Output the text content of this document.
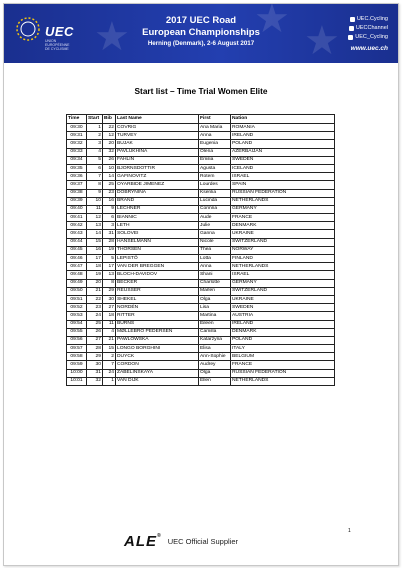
★ ★
★
UEC
UNION EUROPÉENNE DE CYCLISME
2017 UEC Road
European Championships
Herning (Denmark), 2-6 August 2017
UEC.Cycling
UECChannel
UEC_Cycling
www.uec.ch
Start list – Time Trial Women Elite
Time	Start	Bib	Last Name	First	Nation
09:30	1	22	COVRIG	Ana Maria	ROMANIA
09:31	2	12	TURVEY	Anna	IRELAND
09:32	3	20	BUJAK	Eugenia	POLAND
09:33	4	32	PAVLUKHINA	Olena	AZERBAIJAN
09:34	5	26	FAHLIN	Emilia	SWEDEN
09:35	6	10	BJORNSDOTTIR	Agusta	ICELAND
09:36	7	14	GAFINOVITZ	Rotem	ISRAEL
09:37	8	25	OYARBIDE JIMENEZ	Lourdes	SPAIN
09:38	9	23	DOBRYNINA	Ksenlia	RUSSIAN FEDERATION
09:39	10	16	BRAND	Lucinda	NETHERLANDS
09:40	11	9	LECHNER	Corinna	GERMANY
09:41	12	6	BIANNIC	Aude	FRANCE
09:42	13	3	LETH	Julie	DENMARK
09:43	14	31	SOLOVEI	Ganna	UKRAINE
09:44	15	28	HANSELMANN	Nicole	SWITZERLAND
09:45	16	19	THORSEN	Thea	NORWAY
09:46	17	5	LEPISTÖ	Lotta	FINLAND
09:47	18	17	VAN DER BREGGEN	Anna	NETHERLANDS
09:48	19	13	BLOCH-DAVIDOV	Shani	ISRAEL
09:49	20	8	BECKER	Charlotte	GERMANY
09:50	21	29	REUSSER	Marlen	SWITZERLAND
09:51	22	30	SHEKEL	Olga	UKRAINE
09:52	23	27	NORDÉN	Lisa	SWEDEN
09:53	24	18	RITTER	Martina	AUSTRIA
09:54	25	11	BURNS	Eileen	IRELAND
09:55	26	4	MØLLEBRO PEDERSEN	Camilla	DENMARK
09:56	27	21	PAWLOWSKA	Katarzyna	POLAND
09:57	28	15	LONGO BORGHINI	Elisa	ITALY
09:58	29	2	DUYCK	Ann-Sophie	BELGIUM
09:59	30	7	CORDON	Audrey	FRANCE
10:00	31	24	ZABELINSKAYA	Olga	RUSSIAN FEDERATION
10:01	32	1	VAN DIJK	Ellen	NETHERLANDS
ALE®
UEC Official Supplier
1
